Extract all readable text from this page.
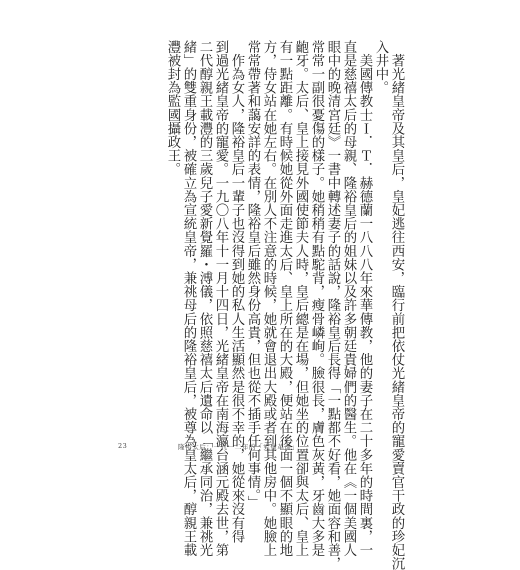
著光緒皇帝及其皇后，皇妃逃往西安，臨行前把依仗光緒皇帝的寵愛賣官干政的珍妃沉
入井中。
美國傳教士Ｉ．Ｔ．赫德蘭一八八八年來華傳教，他的妻子在二十多年的時間裏，一
直是慈禧太后的母親、隆裕皇后的姐妹以及許多朝廷貴婦們的醫生。他在《一個美國人
眼中的晚清宮廷》一書中轉述妻子的話說，隆裕皇后長得「一點都不好看，她面容和善，
常常一副很憂傷的樣子。她稍稍有點駝背，瘦骨嶙峋。臉很長，膚色灰黃，牙齒大多是
齙牙。太后、皇上接見外國使節夫人時，皇后總是在場，但她坐的位置卻與太后、皇上
有一點距離。有時候她從外面走進太后、皇上所在的大殿，便站在後面一個不顯眼的地
方，侍女站在她左右。在別人不注意的時候，她就會退出大殿或者到其他房中。她臉上
常常帶著和藹安詳的表情，隆裕皇后雖然身份高貴，但也從不插手任何事情。」
作為女人，隆裕皇后一輩子也沒得到她的私人生活顯然是很不幸的，她從來沒有得
到過光緒皇帝的寵愛。一九〇八年十一月十四日，光緒皇帝在南海瀛台涵元殿去世，第
二代醇親王載灃的三歲兒子愛新覺羅・溥儀，依照慈禧太后遺命以「繼承同治，兼祧光
緒」的雙重身份，被確立為宣統皇帝，兼祧母后的隆裕皇后，被尊為皇太后，醇親王載
灃被封為監國攝政王。
23	隆裕太后：一九一二年的「完璧革命」
